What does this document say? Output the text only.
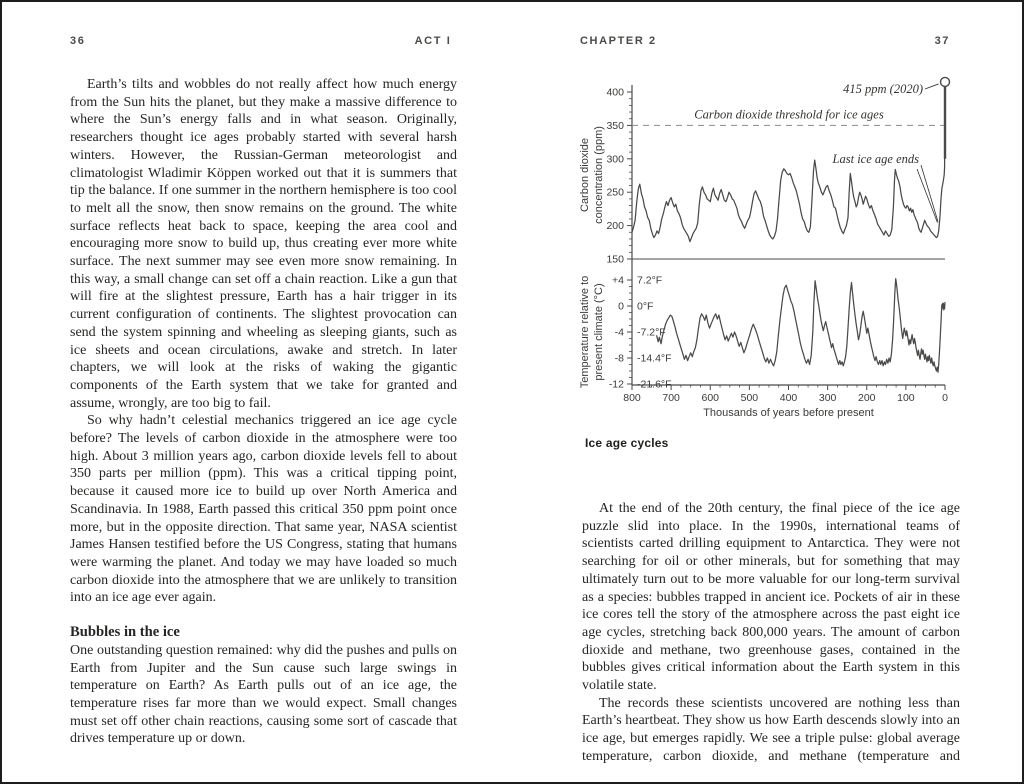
36	ACT I	CHAPTER 2	37

Earth’s tilts and wobbles do not really affect how much energy from the Sun hits the planet, but they make a massive difference to where the Sun’s energy falls and in what season. Originally, researchers thought ice ages probably started with several harsh winters. However, the Russian-German meteorologist and climatologist Wladimir Köppen worked out that it is summers that tip the balance. If one summer in the northern hemisphere is too cool to melt all the snow, then snow remains on the ground. The white surface reflects heat back to space, keeping the area cool and encouraging more snow to build up, thus creating ever more white surface. The next summer may see even more snow remaining. In this way, a small change can set off a chain reaction. Like a gun that will fire at the slightest pressure, Earth has a hair trigger in its current configuration of continents. The slightest provocation can send the system spinning and wheeling as sleeping giants, such as ice sheets and ocean circulations, awake and stretch. In later chapters, we will look at the risks of waking the gigantic components of the Earth system that we take for granted and assume, wrongly, are too big to fail.

So why hadn’t celestial mechanics triggered an ice age cycle before? The levels of carbon dioxide in the atmosphere were too high. About 3 million years ago, carbon dioxide levels fell to about 350 parts per million (ppm). This was a critical tipping point, because it caused more ice to build up over North America and Scandinavia. In 1988, Earth passed this critical 350 ppm point once more, but in the opposite direction. That same year, NASA scientist James Hansen testified before the US Congress, stating that humans were warming the planet. And today we may have loaded so much carbon dioxide into the atmosphere that we are unlikely to transition into an ice age ever again.

Bubbles in the ice

One outstanding question remained: why did the pushes and pulls on Earth from Jupiter and the Sun cause such large swings in temperature on Earth? As Earth pulls out of an ice age, the temperature rises far more than we would expect. Small changes must set off other chain reactions, causing some sort of cascade that drives temperature up or down.

150
200
250
300
350
400
+4 7.2°F
0 0°F
-4 -7.2°F
-8 -14.4°F
-12 -21.6°F
800 700 600 500 400 300 200 100	0
Thousands of years before present
Carbon dioxide concentration (ppm)
Temperature relative to present climate (°C)
Carbon dioxide threshold for ice ages
415 ppm (2020)
Last ice age ends
Ice age cycles

At the end of the 20th century, the final piece of the ice age puzzle slid into place. In the 1990s, international teams of scientists carted drilling equipment to Antarctica. They were not searching for oil or other minerals, but for something that may ultimately turn out to be more valuable for our long-term survival as a species: bubbles trapped in ancient ice. Pockets of air in these ice cores tell the story of the atmosphere across the past eight ice age cycles, stretching back 800,000 years. The amount of carbon dioxide and methane, two greenhouse gases, contained in the bubbles gives critical information about the Earth system in this volatile state.

The records these scientists uncovered are nothing less than Earth’s heartbeat. They show us how Earth descends slowly into an ice age, but emerges rapidly. We see a triple pulse: global average temperature, carbon dioxide, and methane (temperature and
